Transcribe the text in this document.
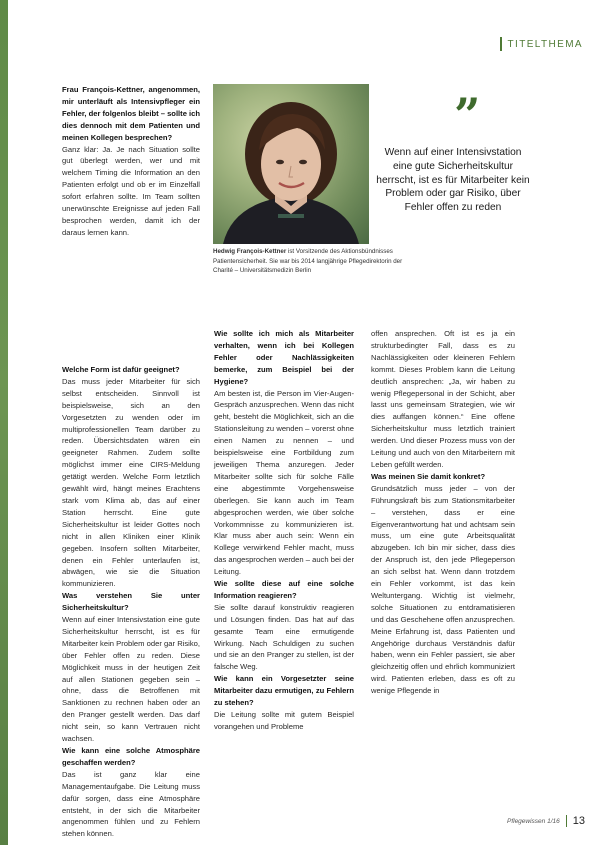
TITELTHEMA

Frau François-Kettner, angenommen, mir unterläuft als Intensivpfleger ein Fehler, der folgenlos bleibt – sollte ich dies dennoch mit dem Patienten und meinen Kollegen besprechen?

Ganz klar: Ja. Je nach Situation sollte gut überlegt werden, wer und mit welchem Timing die Information an den Patienten erfolgt und ob er im Einzelfall sofort erfahren sollte. Im Team sollten unerwünschte Ereignisse auf jeden Fall besprochen werden, damit ich der daraus lernen kann.

Hedwig François-Kettner ist Vorsitzende des Aktionsbündnisses Patientensicherheit. Sie war bis 2014 langjährige Pflegedirektorin der Charité – Universitätsmedizin Berlin
”
Wenn auf einer Intensivstation eine gute Sicherheitskultur herrscht, ist es für Mitarbeiter kein Problem oder gar Risiko, über Fehler offen zu reden

Welche Form ist dafür geeignet?

Das muss jeder Mitarbeiter für sich selbst entscheiden. Sinnvoll ist beispielsweise, sich an den Vorgesetzten zu wenden oder im multiprofessionellen Team darüber zu reden. Übersichtsdaten wären ein geeigneter Rahmen. Zudem sollte möglichst immer eine CIRS-Meldung getätigt werden. Welche Form letztlich gewählt wird, hängt meines Erachtens stark vom Klima ab, das auf einer Station herrscht. Eine gute Sicherheitskultur ist leider Gottes noch nicht in allen Kliniken einer Klinik gegeben. Insofern sollten Mitarbeiter, denen ein Fehler unterlaufen ist, abwägen, wie sie die Situation kommunizieren.

Was verstehen Sie unter Sicherheitskultur?

Wenn auf einer Intensivstation eine gute Sicherheitskultur herrscht, ist es für Mitarbeiter kein Problem oder gar Risiko, über Fehler offen zu reden. Diese Möglichkeit muss in der heutigen Zeit auf allen Stationen gegeben sein – ohne, dass die Betroffenen mit Sanktionen zu rechnen haben oder an den Pranger gestellt werden. Das darf nicht sein, so kann Vertrauen nicht wachsen.

Wie kann eine solche Atmosphäre geschaffen werden?

Das ist ganz klar eine Managementaufgabe. Die Leitung muss dafür sorgen, dass eine Atmosphäre entsteht, in der sich die Mitarbeiter angenommen fühlen und zu Fehlern stehen können.

Wie sollte ich mich als Mitarbeiter verhalten, wenn ich bei Kollegen Fehler oder Nachlässigkeiten bemerke, zum Beispiel bei der Hygiene?

Am besten ist, die Person im Vier-Augen-Gespräch anzusprechen. Wenn das nicht geht, besteht die Möglichkeit, sich an die Stationsleitung zu wenden – vorerst ohne einen Namen zu nennen – und beispielsweise eine Fortbildung zum jeweiligen Thema anzuregen. Jeder Mitarbeiter sollte sich für solche Fälle eine abgestimmte Vorgehensweise überlegen. Sie kann auch im Team abgesprochen werden, wie über solche Vorkommnisse zu kommunizieren ist. Klar muss aber auch sein: Wenn ein Kollege verwirkend Fehler macht, muss das angesprochen werden – auch bei der Leitung.

Wie sollte diese auf eine solche Information reagieren?

Sie sollte darauf konstruktiv reagieren und Lösungen finden. Das hat auf das gesamte Team eine ermutigende Wirkung. Nach Schuldigen zu suchen und sie an den Pranger zu stellen, ist der falsche Weg.

Wie kann ein Vorgesetzter seine Mitarbeiter dazu ermutigen, zu Fehlern zu stehen?

Die Leitung sollte mit gutem Beispiel vorangehen und Probleme

offen ansprechen. Oft ist es ja ein strukturbedingter Fall, dass es zu Nachlässigkeiten oder kleineren Fehlern kommt. Dieses Problem kann die Leitung deutlich ansprechen: „Ja, wir haben zu wenig Pflegepersonal in der Schicht, aber lasst uns gemeinsam Strategien, wie wir dies auffangen können.“ Eine offene Sicherheitskultur muss letztlich trainiert werden. Und dieser Prozess muss von der Leitung und auch von den Mitarbeitern mit Leben gefüllt werden.

Was meinen Sie damit konkret?

Grundsätzlich muss jeder – von der Führungskraft bis zum Stationsmitarbeiter – verstehen, dass er eine Eigenverantwortung hat und achtsam sein muss, um eine gute Arbeitsqualität abzugeben. Ich bin mir sicher, dass dies der Anspruch ist, den jede Pflegeperson an sich selbst hat. Wenn dann trotzdem ein Fehler vorkommt, ist das kein Weltuntergang. Wichtig ist vielmehr, solche Situationen zu entdramatisieren und das Geschehene offen anzusprechen. Meine Erfahrung ist, dass Patienten und Angehörige durchaus Verständnis dafür haben, wenn ein Fehler passiert, sie aber gleichzeitig offen und ehrlich kommuniziert wird. Patienten erleben, dass es oft zu wenige Pflegende in

Pflegewissen 1/16 13
